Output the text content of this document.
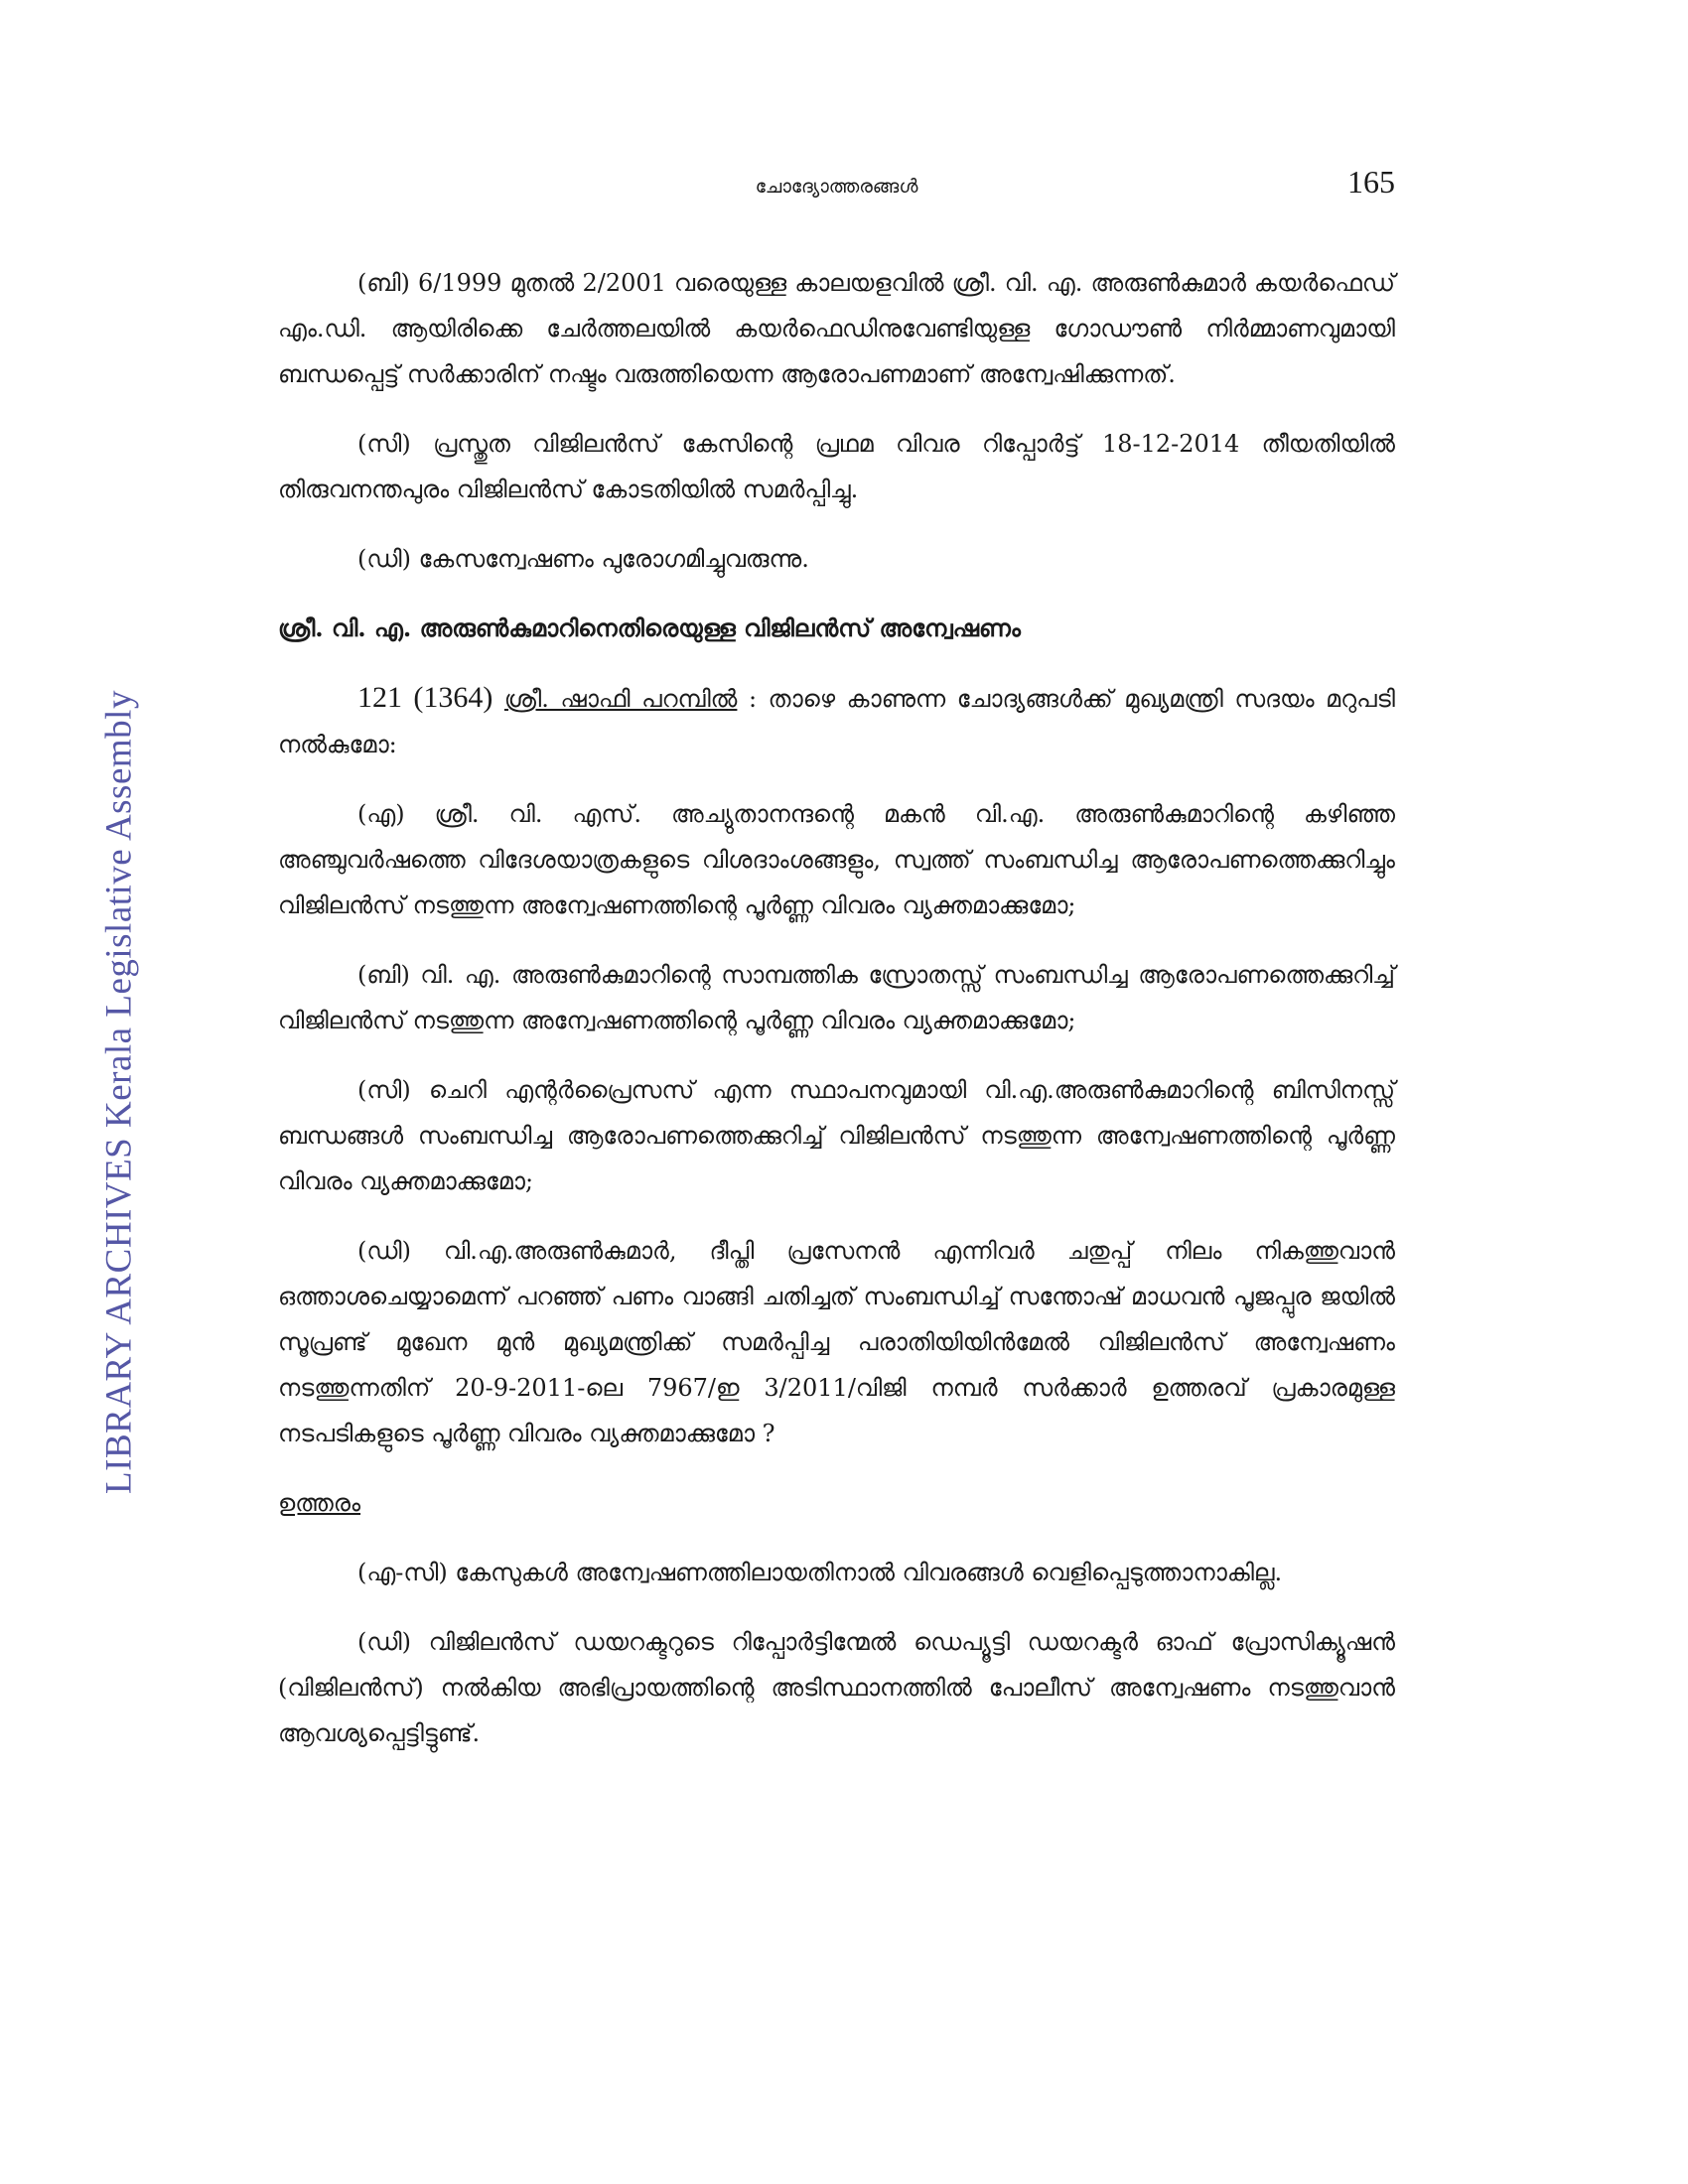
LIBRARY ARCHIVES Kerala Legislative Assembly
ചോദ്യോത്തരങ്ങൾ	165

(ബി) 6/1999 മുതൽ 2/2001 വരെയുള്ള കാലയളവിൽ ശ്രീ. വി. എ. അരുൺകുമാർ കയർഫെഡ് എം.ഡി. ആയിരിക്കെ ചേർത്തലയിൽ കയർഫെഡിനുവേണ്ടിയുള്ള ഗോഡൗൺ നിർമ്മാണവുമായി ബന്ധപ്പെട്ട് സർക്കാരിന് നഷ്ടം വരുത്തിയെന്ന ആരോപണമാണ് അന്വേഷിക്കുന്നത്.

(സി) പ്രസ്തുത വിജിലൻസ് കേസിന്റെ പ്രഥമ വിവര റിപ്പോർട്ട് 18-12-2014 തീയതിയിൽ തിരുവനന്തപുരം വിജിലൻസ് കോടതിയിൽ സമർപ്പിച്ചു.

(ഡി) കേസന്വേഷണം പുരോഗമിച്ചുവരുന്നു.

ശ്രീ. വി. എ. അരുൺകുമാറിനെതിരെയുള്ള വിജിലൻസ് അന്വേഷണം

121 (1364) ശ്രീ. ഷാഫി പറമ്പിൽ : താഴെ കാണുന്ന ചോദ്യങ്ങൾക്ക് മുഖ്യമന്ത്രി സദയം മറുപടി നൽകുമോ:

(എ) ശ്രീ. വി. എസ്. അച്യുതാനന്ദന്റെ മകൻ വി.എ. അരുൺകുമാറിന്റെ കഴിഞ്ഞ അഞ്ചുവർഷത്തെ വിദേശയാത്രകളുടെ വിശദാംശങ്ങളും, സ്വത്ത് സംബന്ധിച്ച ആരോപണത്തെക്കുറിച്ചും വിജിലൻസ് നടത്തുന്ന അന്വേഷണത്തിന്റെ പൂർണ്ണ വിവരം വ്യക്തമാക്കുമോ;

(ബി) വി. എ. അരുൺകുമാറിന്റെ സാമ്പത്തിക സ്രോതസ്സ് സംബന്ധിച്ച ആരോപണത്തെക്കുറിച്ച് വിജിലൻസ് നടത്തുന്ന അന്വേഷണത്തിന്റെ പൂർണ്ണ വിവരം വ്യക്തമാക്കുമോ;

(സി) ചെറി എന്റർപ്രൈസസ് എന്ന സ്ഥാപനവുമായി വി.എ.അരുൺകുമാറിന്റെ ബിസിനസ്സ് ബന്ധങ്ങൾ സംബന്ധിച്ച ആരോപണത്തെക്കുറിച്ച് വിജിലൻസ് നടത്തുന്ന അന്വേഷണത്തിന്റെ പൂർണ്ണ വിവരം വ്യക്തമാക്കുമോ;

(ഡി) വി.എ.അരുൺകുമാർ, ദീപ്തി പ്രസേനൻ എന്നിവർ ചതുപ്പ് നിലം നികത്തുവാൻ ഒത്താശചെയ്യാമെന്ന് പറഞ്ഞ് പണം വാങ്ങി ചതിച്ചത് സംബന്ധിച്ച് സന്തോഷ് മാധവൻ പൂജപ്പുര ജയിൽ സൂപ്രണ്ട് മുഖേന മുൻ മുഖ്യമന്ത്രിക്ക് സമർപ്പിച്ച പരാതിയിയിൻമേൽ വിജിലൻസ് അന്വേഷണം നടത്തുന്നതിന് 20-9-2011-ലെ 7967/ഇ 3/2011/വിജി നമ്പർ സർക്കാർ ഉത്തരവ് പ്രകാരമുള്ള നടപടികളുടെ പൂർണ്ണ വിവരം വ്യക്തമാക്കുമോ ?

ഉത്തരം

(എ-സി) കേസുകൾ അന്വേഷണത്തിലായതിനാൽ വിവരങ്ങൾ വെളിപ്പെടുത്താനാകില്ല.

(ഡി) വിജിലൻസ് ഡയറക്ടറുടെ റിപ്പോർട്ടിന്മേൽ ഡെപ്യൂട്ടി ഡയറക്ടർ ഓഫ് പ്രോസിക്യൂഷൻ (വിജിലൻസ്) നൽകിയ അഭിപ്രായത്തിന്റെ അടിസ്ഥാനത്തിൽ പോലീസ് അന്വേഷണം നടത്തുവാൻ ആവശ്യപ്പെട്ടിട്ടുണ്ട്.
